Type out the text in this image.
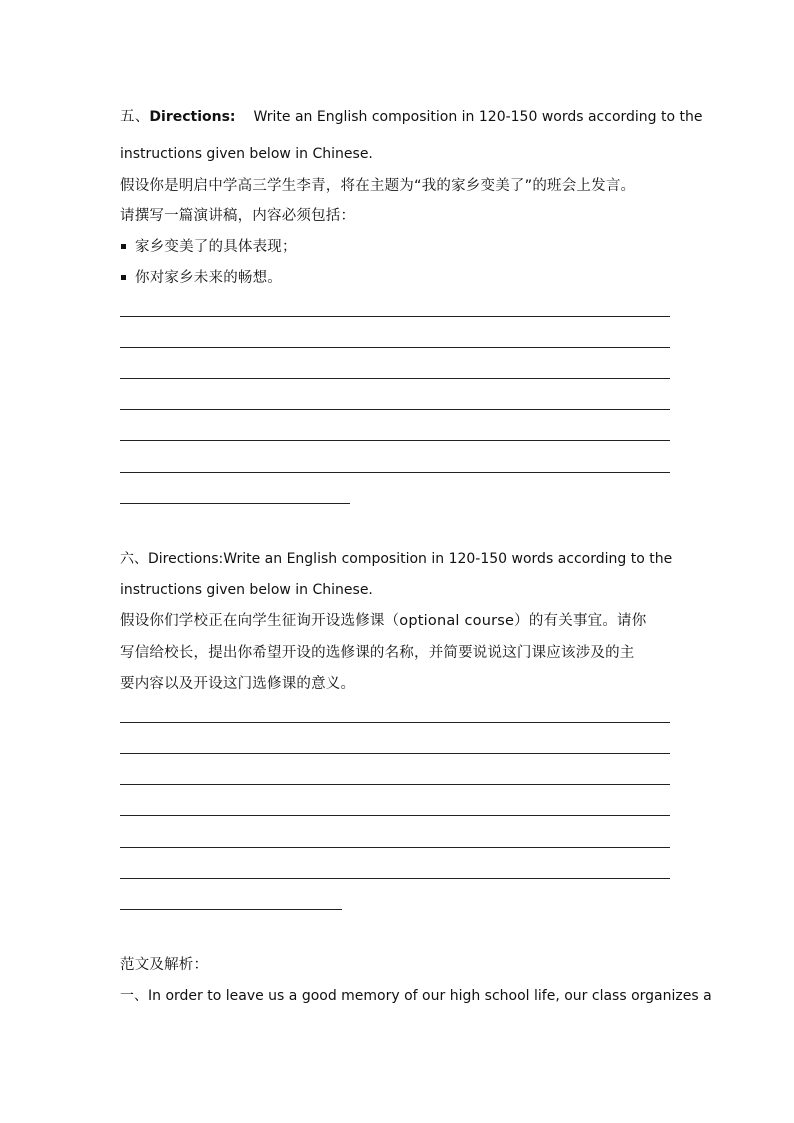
五、Directions: Write an English composition in 120-150 words according to the
instructions given below in Chinese.
假设你是明启中学高三学生李青，将在主题为“我的家乡变美了”的班会上发言。
请撰写一篇演讲稿，内容必须包括：
家乡变美了的具体表现；
你对家乡未来的畅想。
六、Directions:Write an English composition in 120-150 words according to the
instructions given below in Chinese.
假设你们学校正在向学生征询开设选修课（optional course）的有关事宜。请你
写信给校长，提出你希望开设的选修课的名称，并简要说说这门课应该涉及的主
要内容以及开设这门选修课的意义。
范文及解析：
一、In order to leave us a good memory of our high school life, our class organizes a
